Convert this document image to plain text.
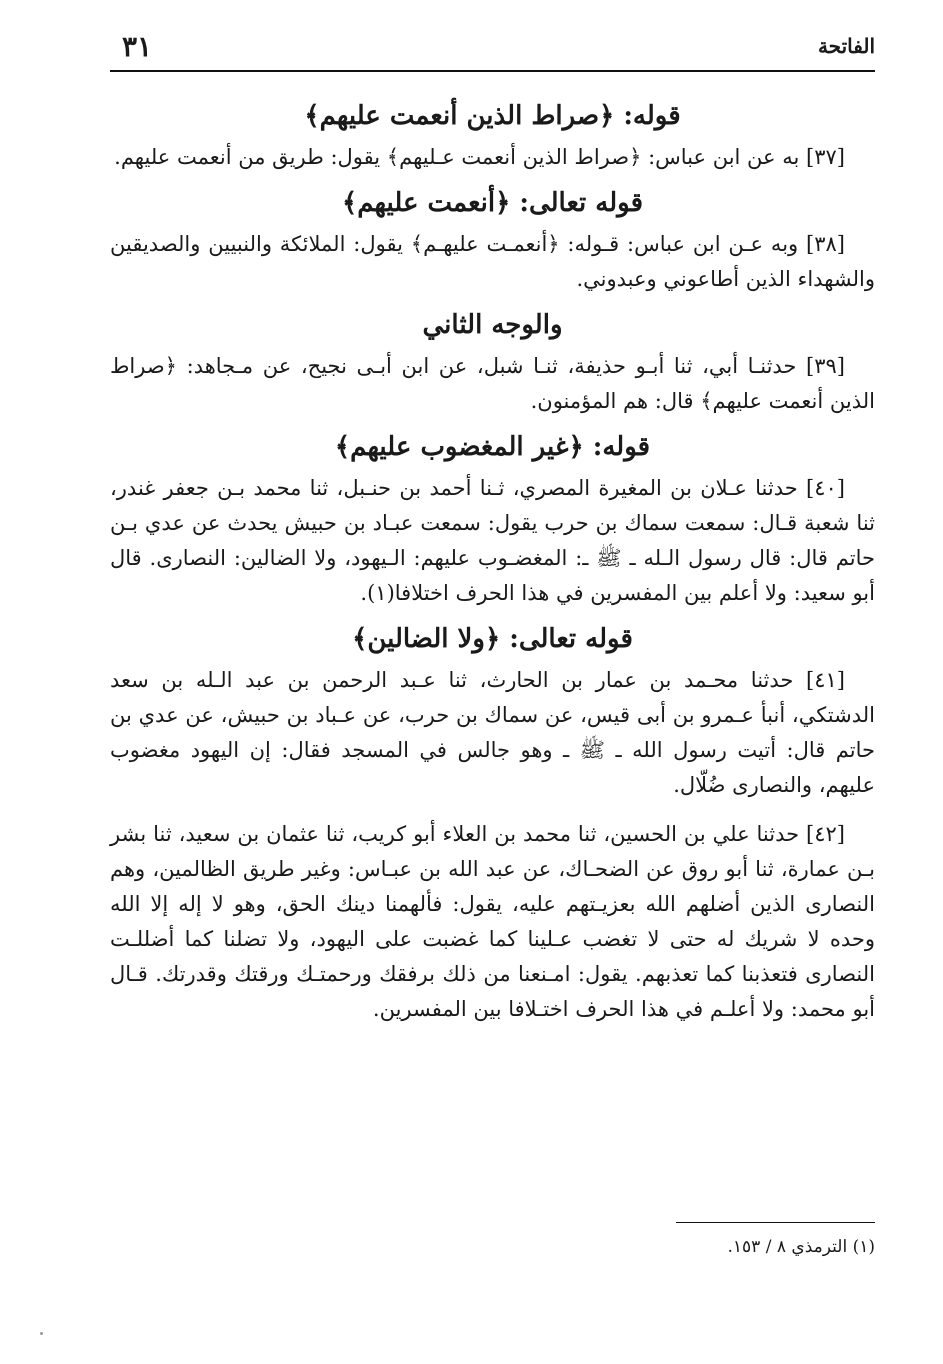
الفاتحة
٣١

قوله: ﴿صراط الذين أنعمت عليهم﴾

[٣٧] به عن ابن عباس: ﴿صراط الذين أنعمت عـليهم﴾ يقول: طريق من أنعمت عليهم.

قوله تعالى: ﴿أنعمت عليهم﴾

[٣٨] وبه عـن ابن عباس: قـوله: ﴿أنعمـت عليهـم﴾ يقول: الملائكة والنبيين والصديقين والشهداء الذين أطاعوني وعبدوني.

والوجه الثاني

[٣٩] حدثنـا أبي، ثنا أبـو حذيفة، ثنـا شبل، عن ابن أبـى نجيح، عن مـجاهد: ﴿صراط الذين أنعمت عليهم﴾ قال: هم المؤمنون.

قوله: ﴿غير المغضوب عليهم﴾

[٤٠] حدثنا عـلان بن المغيرة المصري، ثـنا أحمد بن حنـبل، ثنا محمد بـن جعفر غندر، ثنا شعبة قـال: سمعت سماك بن حرب يقول: سمعت عبـاد بن حبيش يحدث عن عدي بـن حاتم قال: قال رسول الـله ـ ﷺ ـ: المغضـوب عليهم: الـيهود، ولا الضالين: النصارى. قال أبو سعيد: ولا أعلم بين المفسرين في هذا الحرف اختلافا(١).

قوله تعالى: ﴿ولا الضالين﴾

[٤١] حدثنا محـمد بن عمار بن الحارث، ثنا عـبد الرحمن بن عبد الـله بن سعد الدشتكي، أنبأ عـمرو بن أبى قيس، عن سماك بن حرب، عن عـباد بن حبيش، عن عدي بن حاتم قال: أتيت رسول الله ـ ﷺ ـ وهو جالس في المسجد فقال: إن اليهود مغضوب عليهم، والنصارى ضُلّال.

[٤٢] حدثنا علي بن الحسين، ثنا محمد بن العلاء أبو كريب، ثنا عثمان بن سعيد، ثنا بشر بـن عمارة، ثنا أبو روق عن الضحـاك، عن عبد الله بن عبـاس: وغير طريق الظالمين، وهم النصارى الذين أضلهم الله بعزيـتهم عليه، يقول: فألهمنا دينك الحق، وهو لا إله إلا الله وحده لا شريك له حتى لا تغضب عـلينا كما غضبت على اليهود، ولا تضلنا كما أضللـت النصارى فتعذبنا كما تعذبهم. يقول: امـنعنا من ذلك برفقك ورحمتـك ورقتك وقدرتك. قـال أبو محمد: ولا أعلـم في هذا الحرف اختـلافا بين المفسرين.

(١) الترمذي ٨ / ١٥٣.
